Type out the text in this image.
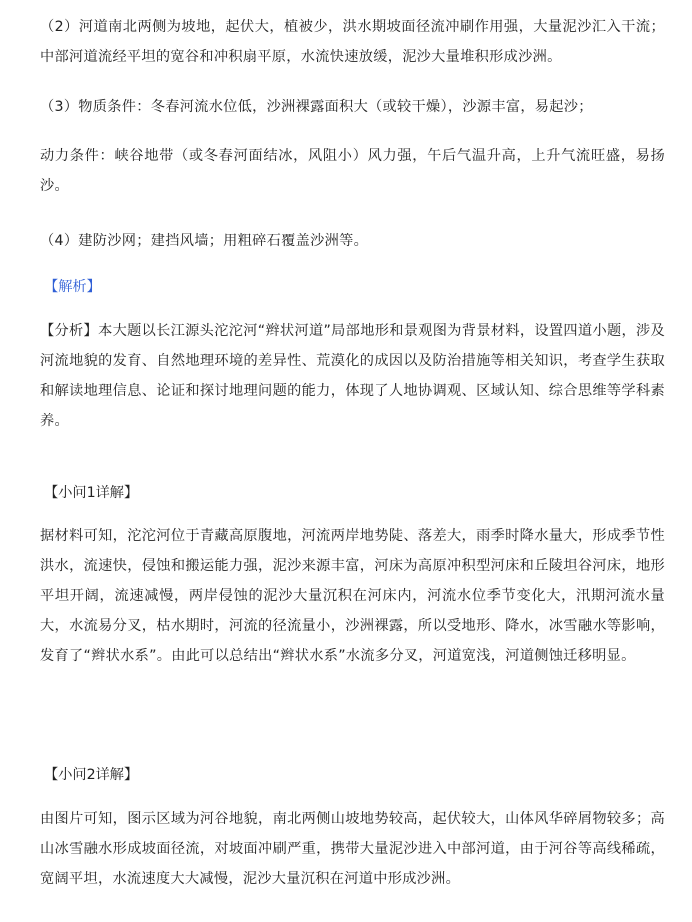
（2）河道南北两侧为坡地，起伏大，植被少，洪水期坡面径流冲刷作用强，大量泥沙汇入干流；中部河道流经平坦的宽谷和冲积扇平原，水流快速放缓，泥沙大量堆积形成沙洲。

（3）物质条件：冬春河流水位低，沙洲裸露面积大（或较干燥），沙源丰富，易起沙；

动力条件：峡谷地带（或冬春河面结冰，风阻小）风力强，午后气温升高，上升气流旺盛，易扬沙。

（4）建防沙网；建挡风墙；用粗碎石覆盖沙洲等。

【解析】

【分析】本大题以长江源头沱沱河“辫状河道”局部地形和景观图为背景材料，设置四道小题，涉及河流地貌的发育、自然地理环境的差异性、荒漠化的成因以及防治措施等相关知识，考查学生获取和解读地理信息、论证和探讨地理问题的能力，体现了人地协调观、区域认知、综合思维等学科素养。

【小问1详解】

据材料可知，沱沱河位于青藏高原腹地，河流两岸地势陡、落差大，雨季时降水量大，形成季节性洪水，流速快，侵蚀和搬运能力强，泥沙来源丰富，河床为高原冲积型河床和丘陵坦谷河床，地形平坦开阔，流速减慢，两岸侵蚀的泥沙大量沉积在河床内，河流水位季节变化大，汛期河流水量大，水流易分叉，枯水期时，河流的径流量小，沙洲裸露，所以受地形、降水，冰雪融水等影响，发育了“辫状水系”。由此可以总结出“辫状水系”水流多分叉，河道宽浅，河道侧蚀迁移明显。

【小问2详解】

由图片可知，图示区域为河谷地貌，南北两侧山坡地势较高，起伏较大，山体风华碎屑物较多；高山冰雪融水形成坡面径流，对坡面冲刷严重，携带大量泥沙进入中部河道，由于河谷等高线稀疏，宽阔平坦，水流速度大大减慢，泥沙大量沉积在河道中形成沙洲。
